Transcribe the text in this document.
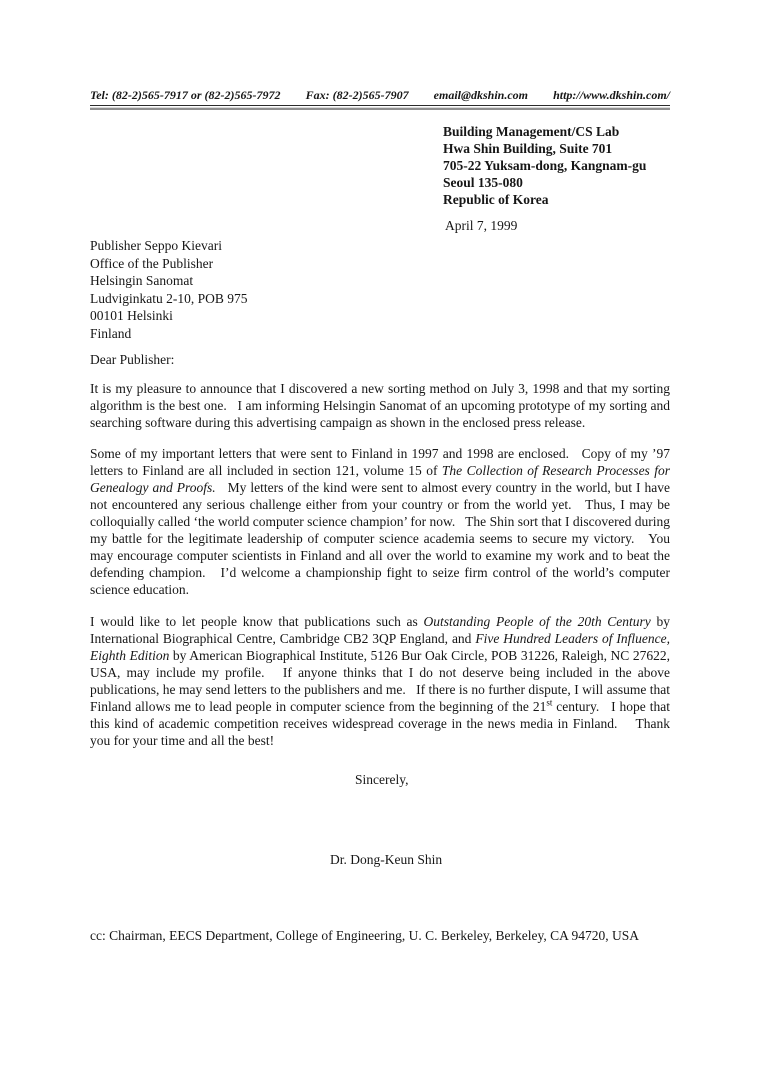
Tel: (82-2)565-7917 or (82-2)565-7972 Fax: (82-2)565-7907 email@dkshin.com http://www.dkshin.com/
Building Management/CS Lab
Hwa Shin Building, Suite 701
705-22 Yuksam-dong, Kangnam-gu
Seoul 135-080
Republic of Korea
April 7, 1999
Publisher Seppo Kievari
Office of the Publisher
Helsingin Sanomat
Ludviginkatu 2-10, POB 975
00101 Helsinki
Finland
Dear Publisher:

It is my pleasure to announce that I discovered a new sorting method on July 3, 1998 and that my sorting algorithm is the best one.   I am informing Helsingin Sanomat of an upcoming prototype of my sorting and searching software during this advertising campaign as shown in the enclosed press release.

Some of my important letters that were sent to Finland in 1997 and 1998 are enclosed.   Copy of my ’97 letters to Finland are all included in section 121, volume 15 of The Collection of Research Processes for Genealogy and Proofs.   My letters of the kind were sent to almost every country in the world, but I have not encountered any serious challenge either from your country or from the world yet.   Thus, I may be colloquially called ‘the world computer science champion’ for now.   The Shin sort that I discovered during my battle for the legitimate leadership of computer science academia seems to secure my victory.   You may encourage computer scientists in Finland and all over the world to examine my work and to beat the defending champion.   I’d welcome a championship fight to seize firm control of the world’s computer science education.

I would like to let people know that publications such as Outstanding People of the 20th Century by International Biographical Centre, Cambridge CB2 3QP England, and Five Hundred Leaders of Influence, Eighth Edition by American Biographical Institute, 5126 Bur Oak Circle, POB 31226, Raleigh, NC 27622, USA, may include my profile.   If anyone thinks that I do not deserve being included in the above publications, he may send letters to the publishers and me.   If there is no further dispute, I will assume that Finland allows me to lead people in computer science from the beginning of the 21st century.   I hope that this kind of academic competition receives widespread coverage in the news media in Finland.    Thank you for your time and all the best!

Sincerely,
Dr. Dong-Keun Shin
cc: Chairman, EECS Department, College of Engineering, U. C. Berkeley, Berkeley, CA 94720, USA
